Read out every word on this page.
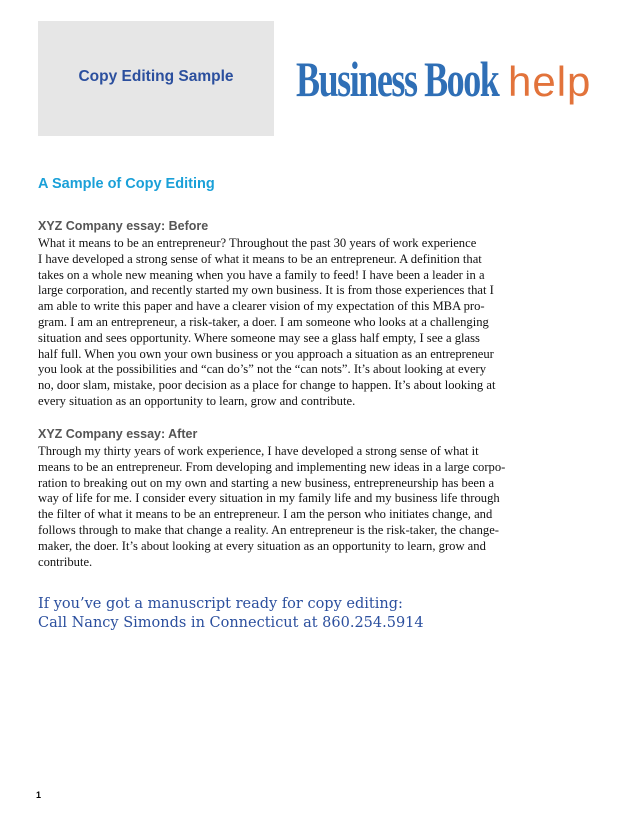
Copy Editing Sample Business Book help
A Sample of Copy Editing
XYZ Company essay: Before
What it means to be an entrepreneur? Throughout the past 30 years of work experience
I have developed a strong sense of what it means to be an entrepreneur. A definition that
takes on a whole new meaning when you have a family to feed! I have been a leader in a
large corporation, and recently started my own business. It is from those experiences that I
am able to write this paper and have a clearer vision of my expectation of this MBA pro-
gram. I am an entrepreneur, a risk-taker, a doer. I am someone who looks at a challenging
situation and sees opportunity. Where someone may see a glass half empty, I see a glass
half full. When you own your own business or you approach a situation as an entrepreneur
you look at the possibilities and “can do’s” not the “can nots”. It’s about looking at every
no, door slam, mistake, poor decision as a place for change to happen. It’s about looking at
every situation as an opportunity to learn, grow and contribute.
XYZ Company essay: After
Through my thirty years of work experience, I have developed a strong sense of what it
means to be an entrepreneur. From developing and implementing new ideas in a large corpo-
ration to breaking out on my own and starting a new business, entrepreneurship has been a
way of life for me. I consider every situation in my family life and my business life through
the filter of what it means to be an entrepreneur. I am the person who initiates change, and
follows through to make that change a reality. An entrepreneur is the risk-taker, the change-
maker, the doer. It’s about looking at every situation as an opportunity to learn, grow and
contribute.
If you’ve got a manuscript ready for copy editing:
Call Nancy Simonds in Connecticut at 860.254.5914
1
